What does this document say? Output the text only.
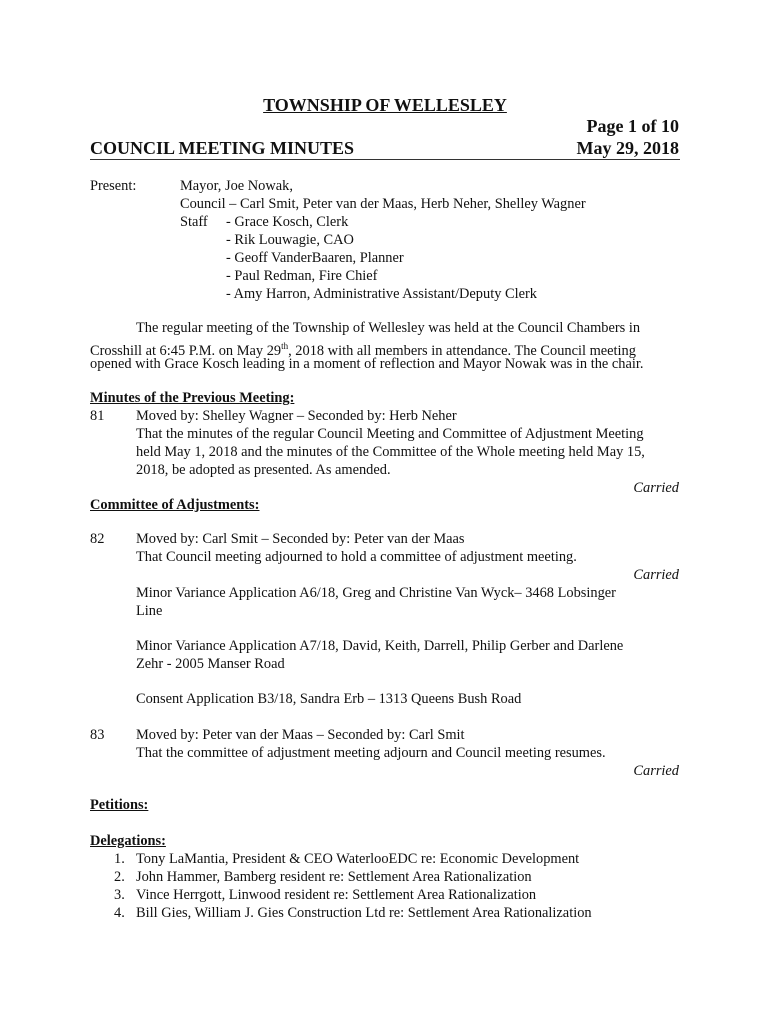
TOWNSHIP OF WELLESLEY
Page 1 of 10
COUNCIL MEETING MINUTES	May 29, 2018
Present:	Mayor, Joe Nowak,
Council – Carl Smit, Peter van der Maas, Herb Neher, Shelley Wagner
Staff - Grace Kosch, Clerk
- Rik Louwagie, CAO
- Geoff VanderBaaren, Planner
- Paul Redman, Fire Chief
- Amy Harron, Administrative Assistant/Deputy Clerk
The regular meeting of the Township of Wellesley was held at the Council Chambers in
Crosshill at 6:45 P.M. on May 29th, 2018 with all members in attendance. The Council meeting
opened with Grace Kosch leading in a moment of reflection and Mayor Nowak was in the chair.
Minutes of the Previous Meeting:
81 Moved by: Shelley Wagner – Seconded by: Herb Neher
That the minutes of the regular Council Meeting and Committee of Adjustment Meeting
held May 1, 2018 and the minutes of the Committee of the Whole meeting held May 15,
2018, be adopted as presented. As amended.
Carried
Committee of Adjustments:
82 Moved by: Carl Smit – Seconded by: Peter van der Maas
That Council meeting adjourned to hold a committee of adjustment meeting.
Carried
Minor Variance Application A6/18, Greg and Christine Van Wyck– 3468 Lobsinger
Line
Minor Variance Application A7/18, David, Keith, Darrell, Philip Gerber and Darlene
Zehr - 2005 Manser Road
Consent Application B3/18, Sandra Erb – 1313 Queens Bush Road
83 Moved by: Peter van der Maas – Seconded by: Carl Smit
That the committee of adjustment meeting adjourn and Council meeting resumes.
Carried
Petitions:
Delegations:
1. Tony LaMantia, President & CEO WaterlooEDC re: Economic Development
2. John Hammer, Bamberg resident re: Settlement Area Rationalization
3. Vince Herrgott, Linwood resident re: Settlement Area Rationalization
4. Bill Gies, William J. Gies Construction Ltd re: Settlement Area Rationalization
